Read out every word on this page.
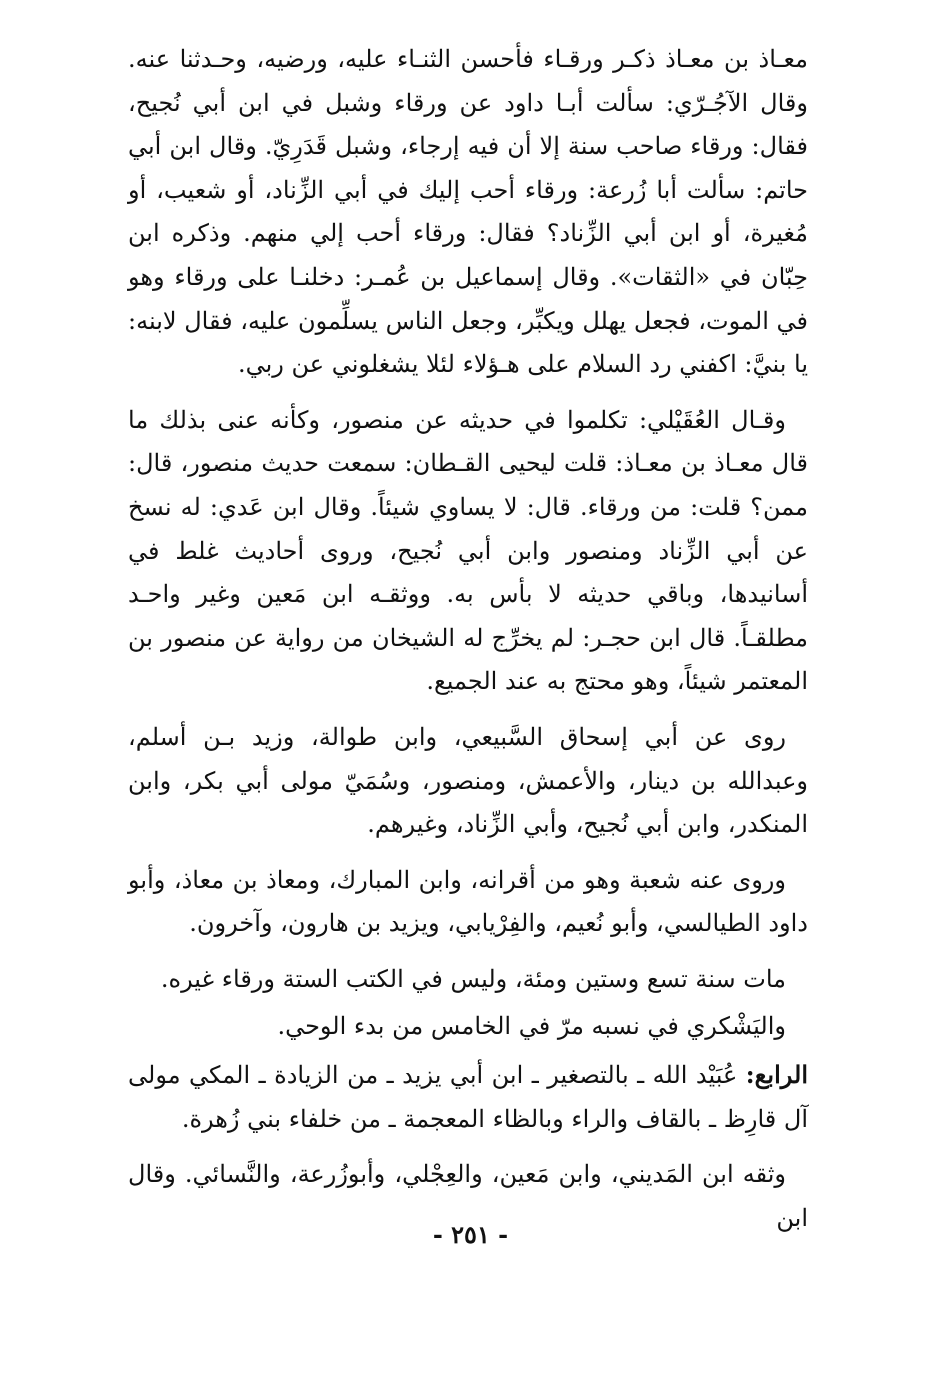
معـاذ بن معـاذ ذكـر ورقـاء فأحسن الثنـاء عليه، ورضيه، وحـدثنا عنه. وقال الآجُـرّي: سألت أبـا داود عن ورقاء وشبل في ابن أبي نُجيح، فقال: ورقاء صاحب سنة إلا أن فيه إرجاء، وشبل قَدَرِيّ. وقال ابن أبي حاتم: سألت أبا زُرعة: ورقاء أحب إليك في أبي الزِّناد، أو شعيب، أو مُغيرة، أو ابن أبي الزِّناد؟ فقال: ورقاء أحب إلي منهم. وذكره ابن حِبّان في «الثقات». وقال إسماعيل بن عُمـر: دخلنـا على ورقاء وهو في الموت، فجعل يهلل ويكبِّر، وجعل الناس يسلِّمون عليه، فقال لابنه: يا بنيَّ: اكفني رد السلام على هـؤلاء لئلا يشغلوني عن ربي.

وقـال العُقَيْلي: تكلموا في حديثه عن منصور، وكأنه عنى بذلك ما قال معـاذ بن معـاذ: قلت ليحيى القـطان: سمعت حديث منصور، قال: ممن؟ قلت: من ورقاء. قال: لا يساوي شيئاً. وقال ابن عَدي: له نسخ عن أبي الزِّناد ومنصور وابن أبي نُجيح، وروى أحاديث غلط في أسانيدها، وباقي حديثه لا بأس به. ووثقـه ابن مَعين وغير واحـد مطلقـاً. قال ابن حجـر: لم يخرِّج له الشيخان من رواية عن منصور بن المعتمر شيئاً، وهو محتج به عند الجميع.

روى عن أبي إسحاق السَّبيعي، وابن طوالة، وزيد بـن أسلم، وعبدالله بن دينار، والأعمش، ومنصور، وسُمَيّ مولى أبي بكر، وابن المنكدر، وابن أبي نُجيح، وأبي الزِّناد، وغيرهم.

وروى عنه شعبة وهو من أقرانه، وابن المبارك، ومعاذ بن معاذ، وأبو داود الطيالسي، وأبو نُعيم، والفِرْيابي، ويزيد بن هارون، وآخرون.

مات سنة تسع وستين ومئة، وليس في الكتب الستة ورقاء غيره.

واليَشْكري في نسبه مرّ في الخامس من بدء الوحي.

الرابع: عُبَيْد الله ـ بالتصغير ـ ابن أبي يزيد ـ من الزيادة ـ المكي مولى آل قارِظ ـ بالقاف والراء وبالظاء المعجمة ـ من خلفاء بني زُهرة.

وثقه ابن المَديني، وابن مَعين، والعِجْلي، وأبوزُرعة، والنَّسائي. وقال ابن

- ٢٥١ -
